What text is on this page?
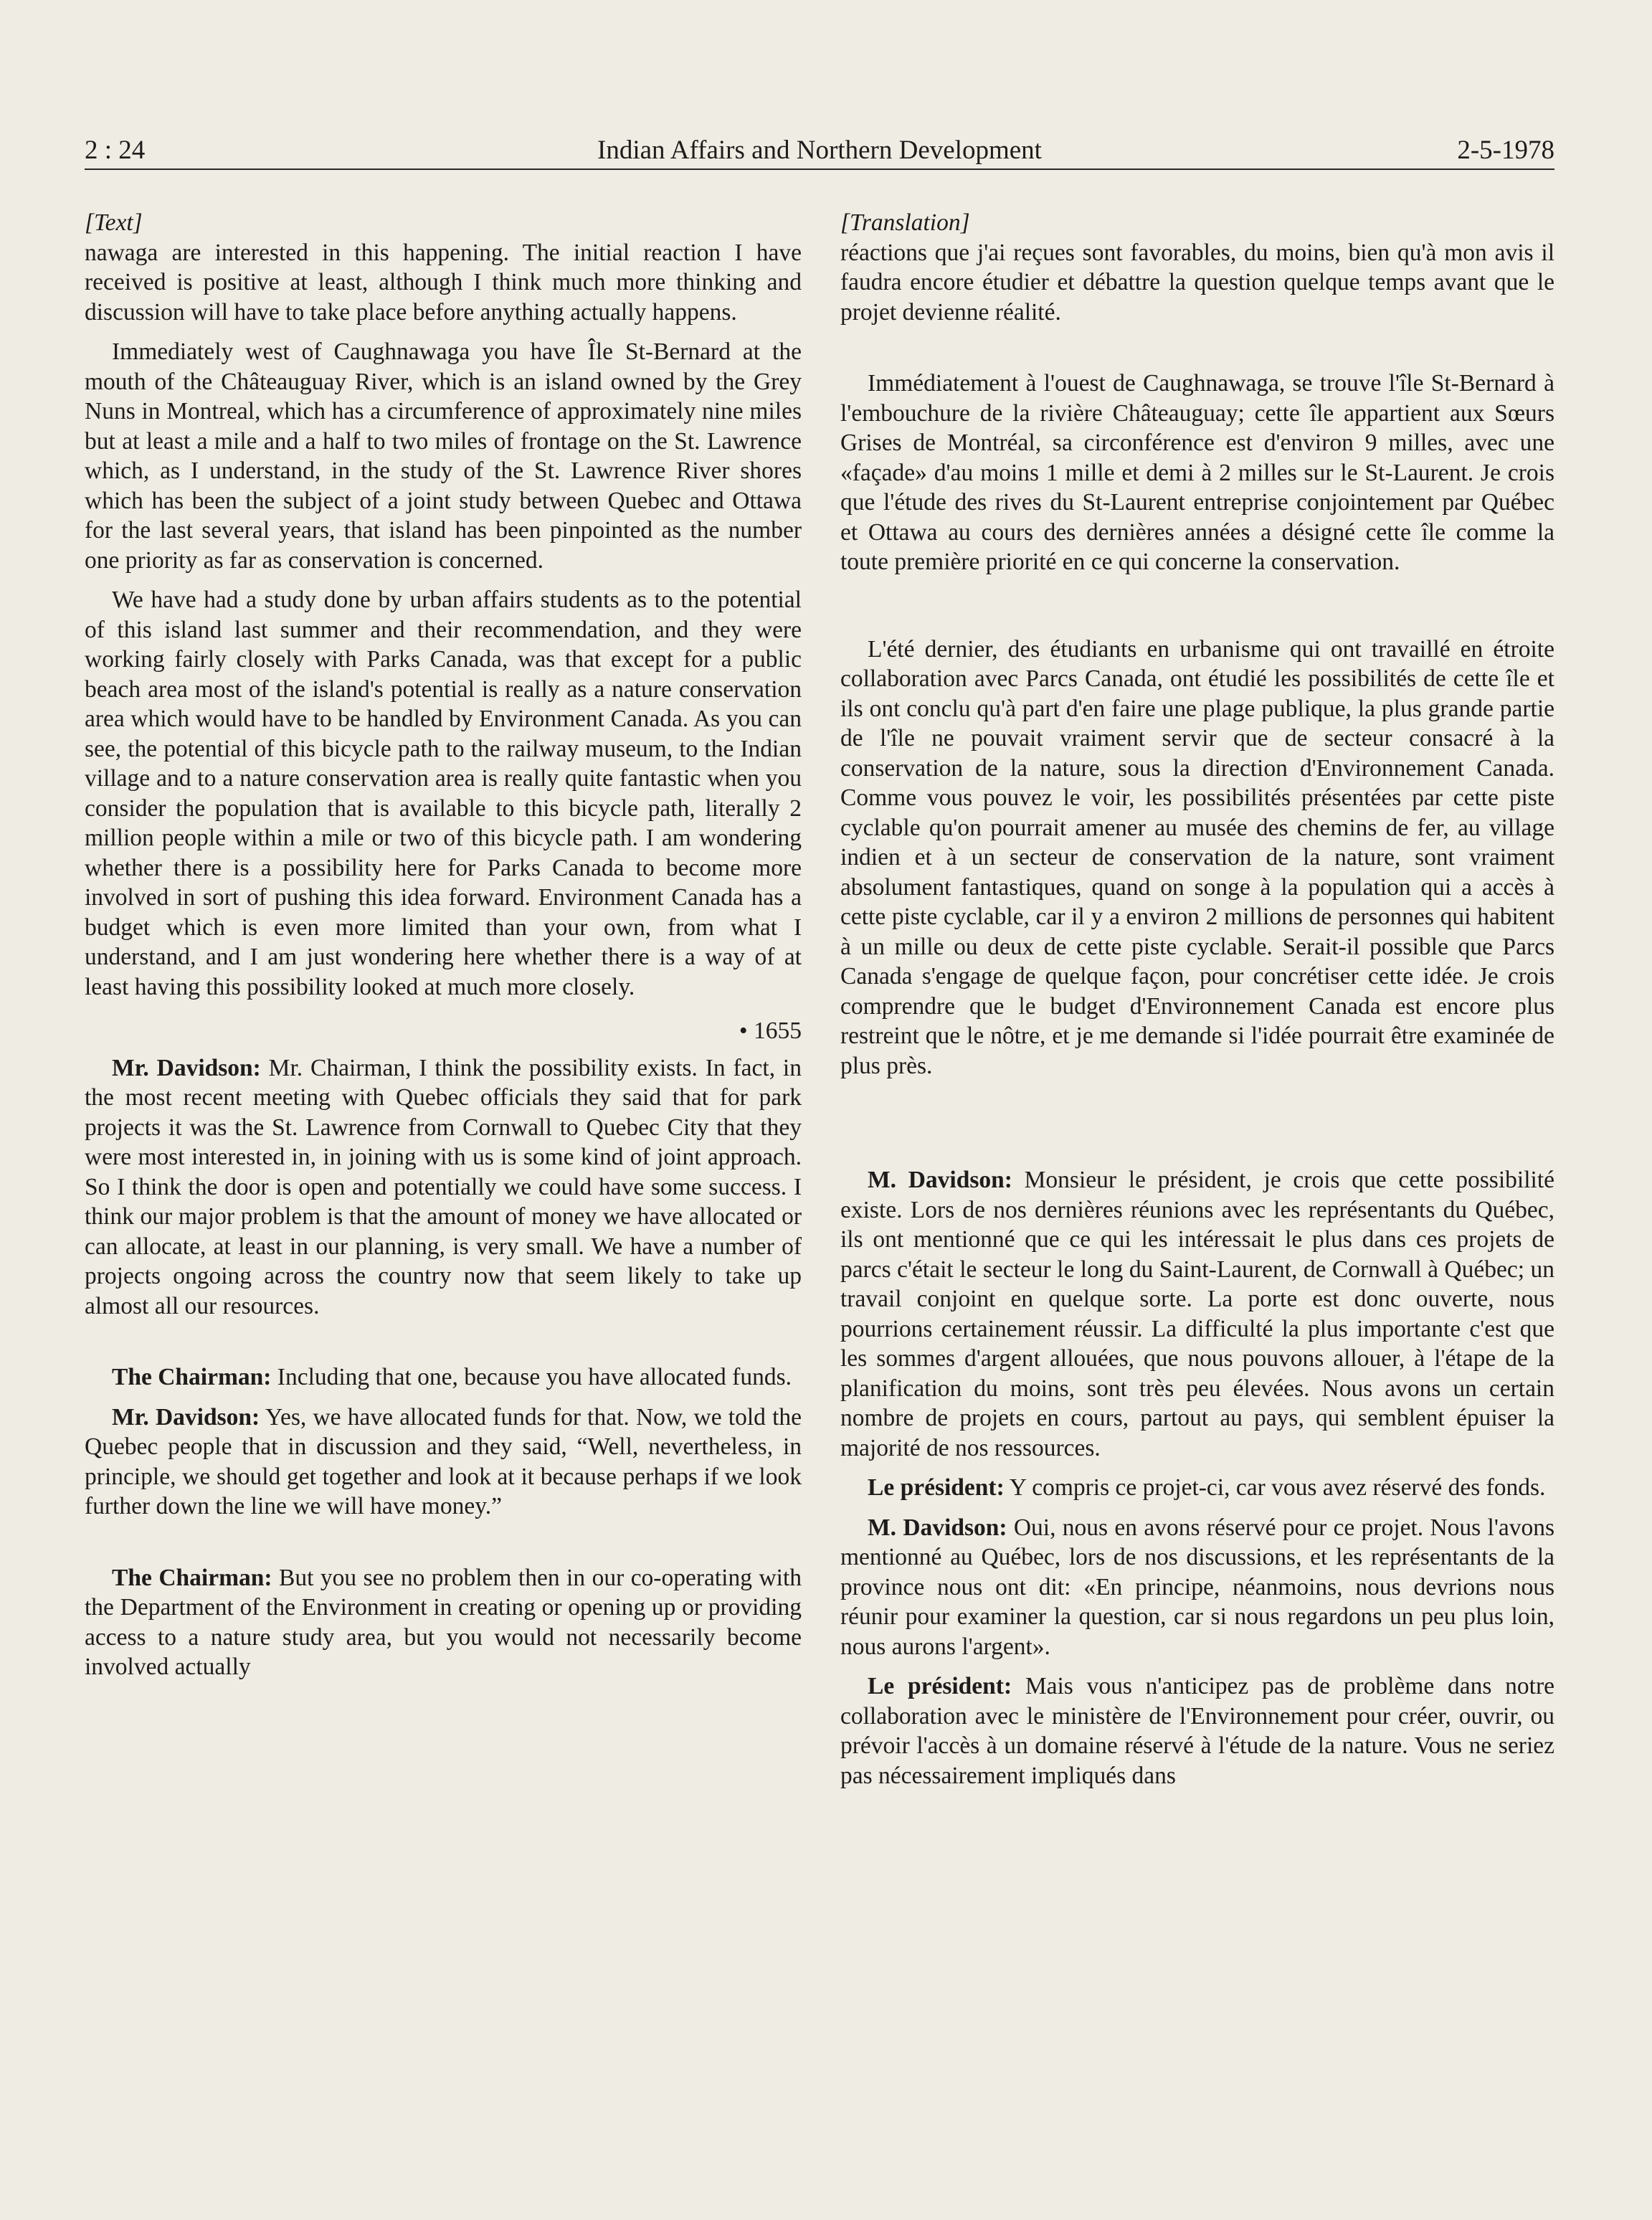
2 : 24	Indian Affairs and Northern Development	2-5-1978

[Text]

nawaga are interested in this happening. The initial reaction I have received is positive at least, although I think much more thinking and discussion will have to take place before anything actually happens.

Immediately west of Caughnawaga you have Île St-Bernard at the mouth of the Châteauguay River, which is an island owned by the Grey Nuns in Montreal, which has a circumference of approximately nine miles but at least a mile and a half to two miles of frontage on the St. Lawrence which, as I understand, in the study of the St. Lawrence River shores which has been the subject of a joint study between Quebec and Ottawa for the last several years, that island has been pinpointed as the number one priority as far as conservation is concerned.

We have had a study done by urban affairs students as to the potential of this island last summer and their recommendation, and they were working fairly closely with Parks Canada, was that except for a public beach area most of the island's potential is really as a nature conservation area which would have to be handled by Environment Canada. As you can see, the potential of this bicycle path to the railway museum, to the Indian village and to a nature conservation area is really quite fantastic when you consider the population that is available to this bicycle path, literally 2 million people within a mile or two of this bicycle path. I am wondering whether there is a possibility here for Parks Canada to become more involved in sort of pushing this idea forward. Environment Canada has a budget which is even more limited than your own, from what I understand, and I am just wondering here whether there is a way of at least having this possibility looked at much more closely.

• 1655

Mr. Davidson: Mr. Chairman, I think the possibility exists. In fact, in the most recent meeting with Quebec officials they said that for park projects it was the St. Lawrence from Cornwall to Quebec City that they were most interested in, in joining with us is some kind of joint approach. So I think the door is open and potentially we could have some success. I think our major problem is that the amount of money we have allocated or can allocate, at least in our planning, is very small. We have a number of projects ongoing across the country now that seem likely to take up almost all our resources.

The Chairman: Including that one, because you have allocated funds.

Mr. Davidson: Yes, we have allocated funds for that. Now, we told the Quebec people that in discussion and they said, “Well, nevertheless, in principle, we should get together and look at it because perhaps if we look further down the line we will have money.”

The Chairman: But you see no problem then in our co-operating with the Department of the Environment in creating or opening up or providing access to a nature study area, but you would not necessarily become involved actually

[Translation]

réactions que j'ai reçues sont favorables, du moins, bien qu'à mon avis il faudra encore étudier et débattre la question quelque temps avant que le projet devienne réalité.

Immédiatement à l'ouest de Caughnawaga, se trouve l'île St-Bernard à l'embouchure de la rivière Châteauguay; cette île appartient aux Sœurs Grises de Montréal, sa circonférence est d'environ 9 milles, avec une «façade» d'au moins 1 mille et demi à 2 milles sur le St-Laurent. Je crois que l'étude des rives du St-Laurent entreprise conjointement par Québec et Ottawa au cours des dernières années a désigné cette île comme la toute première priorité en ce qui concerne la conservation.

L'été dernier, des étudiants en urbanisme qui ont travaillé en étroite collaboration avec Parcs Canada, ont étudié les possibilités de cette île et ils ont conclu qu'à part d'en faire une plage publique, la plus grande partie de l'île ne pouvait vraiment servir que de secteur consacré à la conservation de la nature, sous la direction d'Environnement Canada. Comme vous pouvez le voir, les possibilités présentées par cette piste cyclable qu'on pourrait amener au musée des chemins de fer, au village indien et à un secteur de conservation de la nature, sont vraiment absolument fantastiques, quand on songe à la population qui a accès à cette piste cyclable, car il y a environ 2 millions de personnes qui habitent à un mille ou deux de cette piste cyclable. Serait-il possible que Parcs Canada s'engage de quelque façon, pour concrétiser cette idée. Je crois comprendre que le budget d'Environnement Canada est encore plus restreint que le nôtre, et je me demande si l'idée pourrait être examinée de plus près.

M. Davidson: Monsieur le président, je crois que cette possibilité existe. Lors de nos dernières réunions avec les représentants du Québec, ils ont mentionné que ce qui les intéressait le plus dans ces projets de parcs c'était le secteur le long du Saint-Laurent, de Cornwall à Québec; un travail conjoint en quelque sorte. La porte est donc ouverte, nous pourrions certainement réussir. La difficulté la plus importante c'est que les sommes d'argent allouées, que nous pouvons allouer, à l'étape de la planification du moins, sont très peu élevées. Nous avons un certain nombre de projets en cours, partout au pays, qui semblent épuiser la majorité de nos ressources.

Le président: Y compris ce projet-ci, car vous avez réservé des fonds.

M. Davidson: Oui, nous en avons réservé pour ce projet. Nous l'avons mentionné au Québec, lors de nos discussions, et les représentants de la province nous ont dit: «En principe, néanmoins, nous devrions nous réunir pour examiner la question, car si nous regardons un peu plus loin, nous aurons l'argent».

Le président: Mais vous n'anticipez pas de problème dans notre collaboration avec le ministère de l'Environnement pour créer, ouvrir, ou prévoir l'accès à un domaine réservé à l'étude de la nature. Vous ne seriez pas nécessairement impliqués dans
